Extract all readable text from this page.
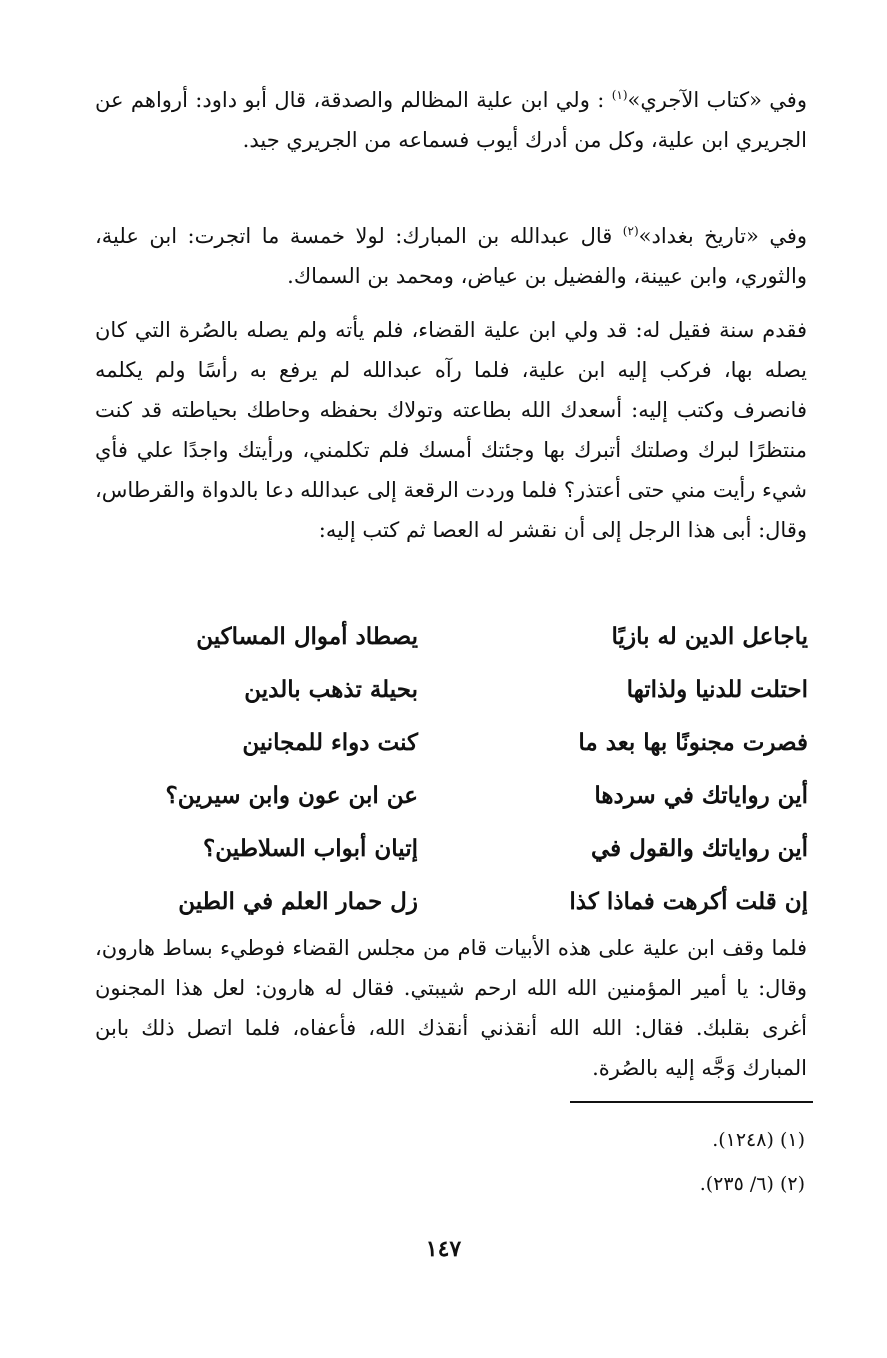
وفي «كتاب الآجري»$^{(١)}$ : ولي ابن علية المظالم والصدقة، قال أبو داود: أرواهم عن الجريري ابن علية، وكل من أدرك أيوب فسماعه من الجريري جيد.

وفي «تاريخ بغداد»$^{(٢)}$ قال عبدالله بن المبارك: لولا خمسة ما اتجرت: ابن علية، والثوري، وابن عيينة، والفضيل بن عياض، ومحمد بن السماك.

فقدم سنة فقيل له: قد ولي ابن علية القضاء، فلم يأته ولم يصله بالصُرة التي كان يصله بها، فركب إليه ابن علية، فلما رآه عبدالله لم يرفع به رأسًا ولم يكلمه فانصرف وكتب إليه: أسعدك الله بطاعته وتولاك بحفظه وحاطك بحياطته قد كنت منتظرًا لبرك وصلتك أتبرك بها وجئتك أمسك فلم تكلمني، ورأيتك واجدًا علي فأي شيء رأيت مني حتى أعتذر؟ فلما وردت الرقعة إلى عبدالله دعا بالدواة والقرطاس، وقال: أبى هذا الرجل إلى أن نقشر له العصا ثم كتب إليه:

ياجاعل الدين له بازيًا
يصطاد أموال المساكين
احتلت للدنيا ولذاتها
بحيلة تذهب بالدين
فصرت مجنونًا بها بعد ما
كنت دواء للمجانين
أين رواياتك في سردها
عن ابن عون وابن سيرين؟
أين رواياتك والقول في
إتيان أبواب السلاطين؟
إن قلت أكرهت فماذا كذا
زل حمار العلم في الطين

فلما وقف ابن علية على هذه الأبيات قام من مجلس القضاء فوطيء بساط هارون، وقال: يا أمير المؤمنين الله الله ارحم شيبتي. فقال له هارون: لعل هذا المجنون أغرى بقلبك. فقال: الله الله أنقذني أنقذك الله، فأعفاه، فلما اتصل ذلك بابن المبارك وَجَّه إليه بالصُرة.

(١) (١٢٤٨).
(٢) (٦/ ٢٣٥).
١٤٧
